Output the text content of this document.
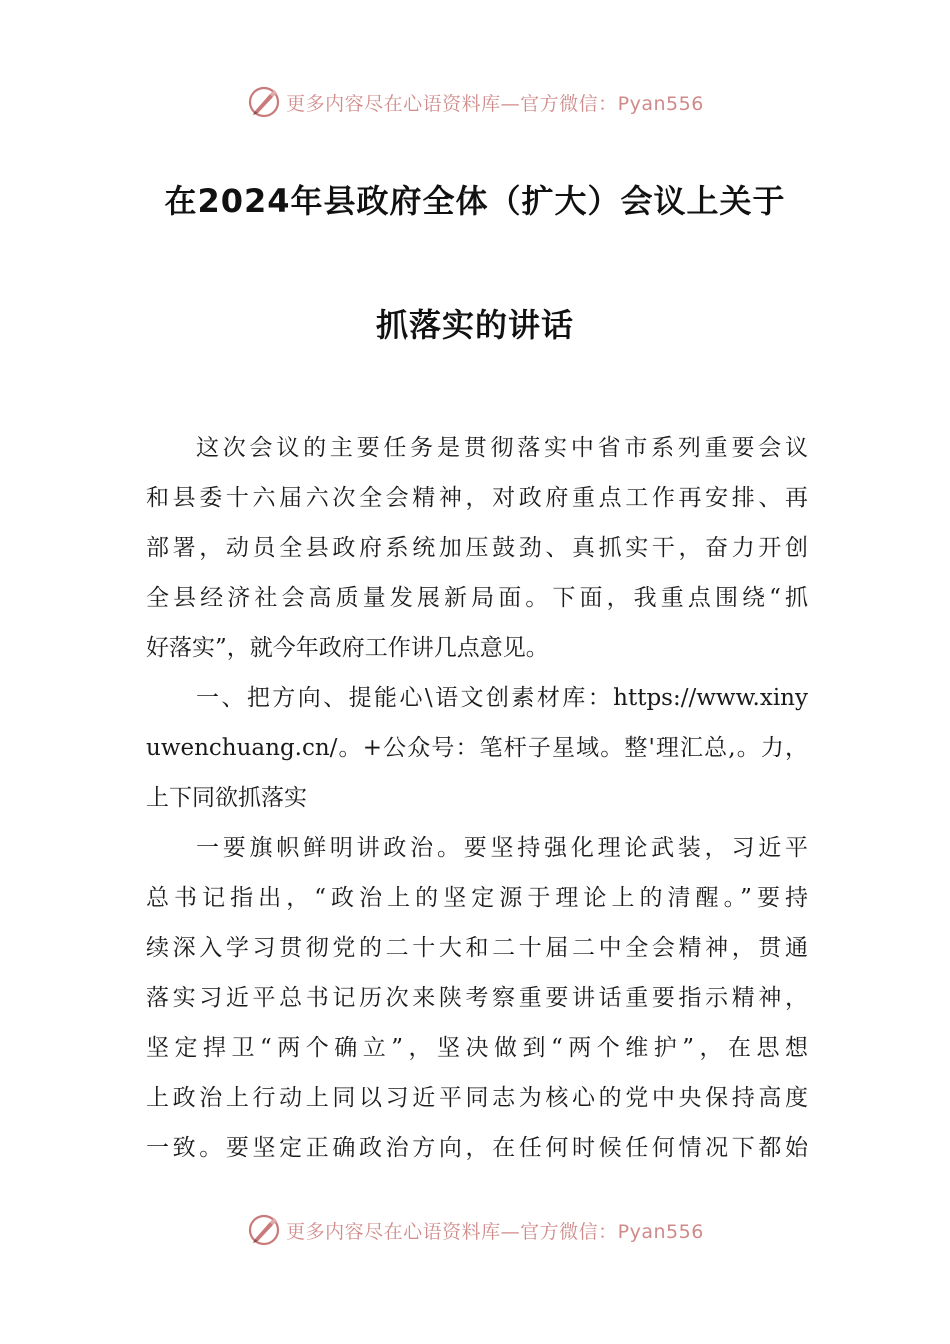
更多内容尽在心语资料库—官方微信：Pyan556
在2024年县政府全体（扩大）会议上关于
抓落实的讲话
这次会议的主要任务是贯彻落实中省市系列重要会议
和县委十六届六次全会精神，对政府重点工作再安排、再
部署，动员全县政府系统加压鼓劲、真抓实干，奋力开创
全县经济社会高质量发展新局面。下面，我重点围绕“抓
好落实”，就今年政府工作讲几点意见。
一、把方向、提能心\语文创素材库：https://www.xiny
uwenchuang.cn/。+公众号：笔杆子星域。整'理汇总,。力，
上下同欲抓落实
一要旗帜鲜明讲政治。要坚持强化理论武装，习近平
总书记指出，“政治上的坚定源于理论上的清醒。”要持
续深入学习贯彻党的二十大和二十届二中全会精神，贯通
落实习近平总书记历次来陕考察重要讲话重要指示精神，
坚定捍卫“两个确立”，坚决做到“两个维护”，在思想
上政治上行动上同以习近平同志为核心的党中央保持高度
一致。要坚定正确政治方向，在任何时候任何情况下都始
更多内容尽在心语资料库—官方微信：Pyan556
